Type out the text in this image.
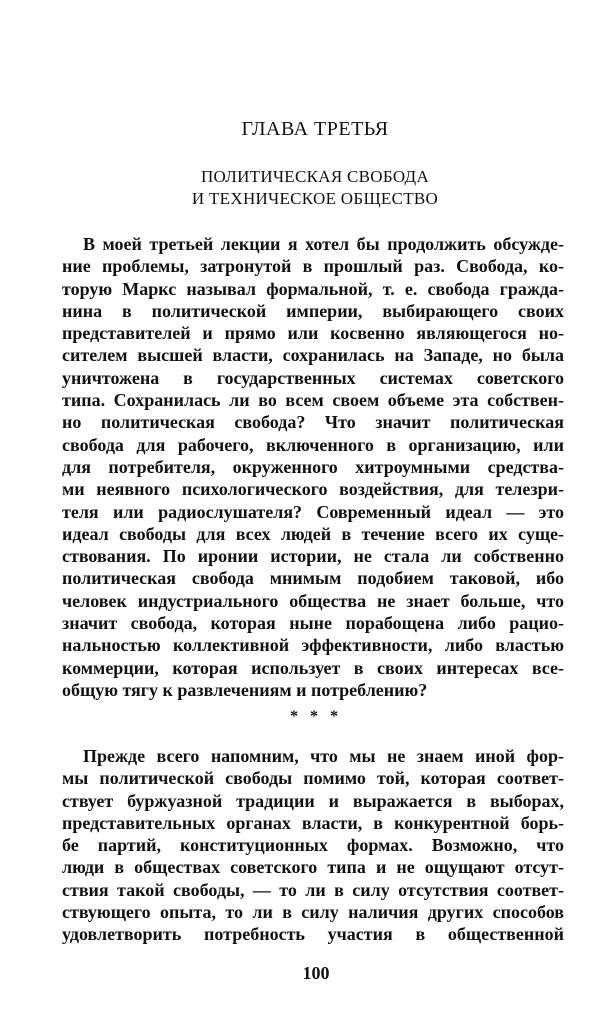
ГЛАВА ТРЕТЬЯ
ПОЛИТИЧЕСКАЯ СВОБОДА
И ТЕХНИЧЕСКОЕ ОБЩЕСТВО
В моей третьей лекции я хотел бы продолжить обсужде-
ние проблемы, затронутой в прошлый раз. Свобода, ко-
торую Маркс называл формальной, т. е. свобода гражда-
нина в политической империи, выбирающего своих
представителей и прямо или косвенно являющегося но-
сителем высшей власти, сохранилась на Западе, но была
уничтожена в государственных системах советского
типа. Сохранилась ли во всем своем объеме эта собствен-
но политическая свобода? Что значит политическая
свобода для рабочего, включенного в организацию, или
для потребителя, окруженного хитроумными средства-
ми неявного психологического воздействия, для телезри-
теля или радиослушателя? Современный идеал — это
идеал свободы для всех людей в течение всего их суще-
ствования. По иронии истории, не стала ли собственно
политическая свобода мнимым подобием таковой, ибо
человек индустриального общества не знает больше, что
значит свобода, которая ныне порабощена либо рацио-
нальностью коллективной эффективности, либо властью
коммерции, которая использует в своих интересах все-
общую тягу к развлечениям и потреблению?
* * *
Прежде всего напомним, что мы не знаем иной фор-
мы политической свободы помимо той, которая соответ-
ствует буржуазной традиции и выражается в выборах,
представительных органах власти, в конкурентной борь-
бе партий, конституционных формах. Возможно, что
люди в обществах советского типа и не ощущают отсут-
ствия такой свободы, — то ли в силу отсутствия соответ-
ствующего опыта, то ли в силу наличия других способов
удовлетворить потребность участия в общественной
100
